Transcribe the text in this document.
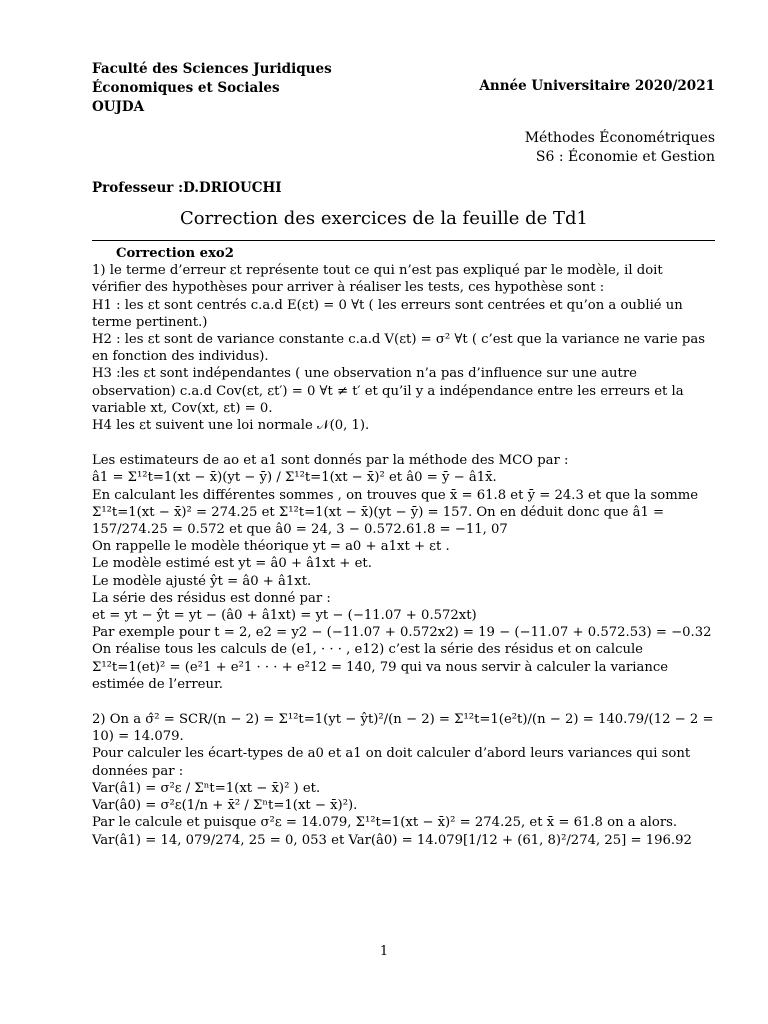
Faculté des Sciences Juridiques
Économiques et Sociales
OUJDA
Année Universitaire 2020/2021
Méthodes Économétriques
S6 : Économie et Gestion
Professeur :D.DRIOUCHI
Correction des exercices de la feuille de Td1

Correction exo2

1) le terme d’erreur εt représente tout ce qui n’est pas expliqué par le modèle, il doit vérifier des hypothèses pour arriver à réaliser les tests, ces hypothèse sont :

H1 : les εt sont centrés c.a.d E(εt) = 0 ∀t ( les erreurs sont centrées et qu’on a oublié un terme pertinent.)

H2 : les εt sont de variance constante c.a.d V(εt) = σ² ∀t ( c’est que la variance ne varie pas en fonction des individus).

H3 :les εt sont indépendantes ( une observation n’a pas d’influence sur une autre observation) c.a.d Cov(εt, εt′) = 0 ∀t ≠ t′ et qu’il y a indépendance entre les erreurs et la variable xt, Cov(xt, εt) = 0.

H4 les εt suivent une loi normale 𝒩(0, 1).

Les estimateurs de ao et a1 sont donnés par la méthode des MCO par :

â1 = Σ¹²t=1(xt − x̄)(yt − ȳ) / Σ¹²t=1(xt − x̄)² et â0 = ȳ − â1x̄.

En calculant les différentes sommes , on trouves que x̄ = 61.8 et ȳ = 24.3 et que la somme Σ¹²t=1(xt − x̄)² = 274.25 et Σ¹²t=1(xt − x̄)(yt − ȳ) = 157. On en déduit donc que â1 = 157/274.25 = 0.572 et que â0 = 24, 3 − 0.572.61.8 = −11, 07

On rappelle le modèle théorique yt = a0 + a1xt + εt .

Le modèle estimé est yt = â0 + â1xt + et.

Le modèle ajusté ŷt = â0 + â1xt.

La série des résidus est donné par :

et = yt − ŷt = yt − (â0 + â1xt) = yt − (−11.07 + 0.572xt)

Par exemple pour t = 2, e2 = y2 − (−11.07 + 0.572x2) = 19 − (−11.07 + 0.572.53) = −0.32

On réalise tous les calculs de (e1, · · · , e12) c’est la série des résidus et on calcule Σ¹²t=1(et)² = (e²1 + e²1 · · · + e²12 = 140, 79 qui va nous servir à calculer la variance estimée de l’erreur.

2) On a σ̂² = SCR/(n − 2) = Σ¹²t=1(yt − ŷt)²/(n − 2) = Σ¹²t=1(e²t)/(n − 2) = 140.79/(12 − 2 = 10) = 14.079.

Pour calculer les écart-types de a0 et a1 on doit calculer d’abord leurs variances qui sont données par :

Var(â1) = σ²ε / Σⁿt=1(xt − x̄)² ) et.

Var(â0) = σ²ε(1/n + x̄² / Σⁿt=1(xt − x̄)²).

Par le calcule et puisque σ²ε = 14.079, Σ¹²t=1(xt − x̄)² = 274.25, et x̄ = 61.8 on a alors.

Var(â1) = 14, 079/274, 25 = 0, 053 et Var(â0) = 14.079[1/12 + (61, 8)²/274, 25] = 196.92

1
